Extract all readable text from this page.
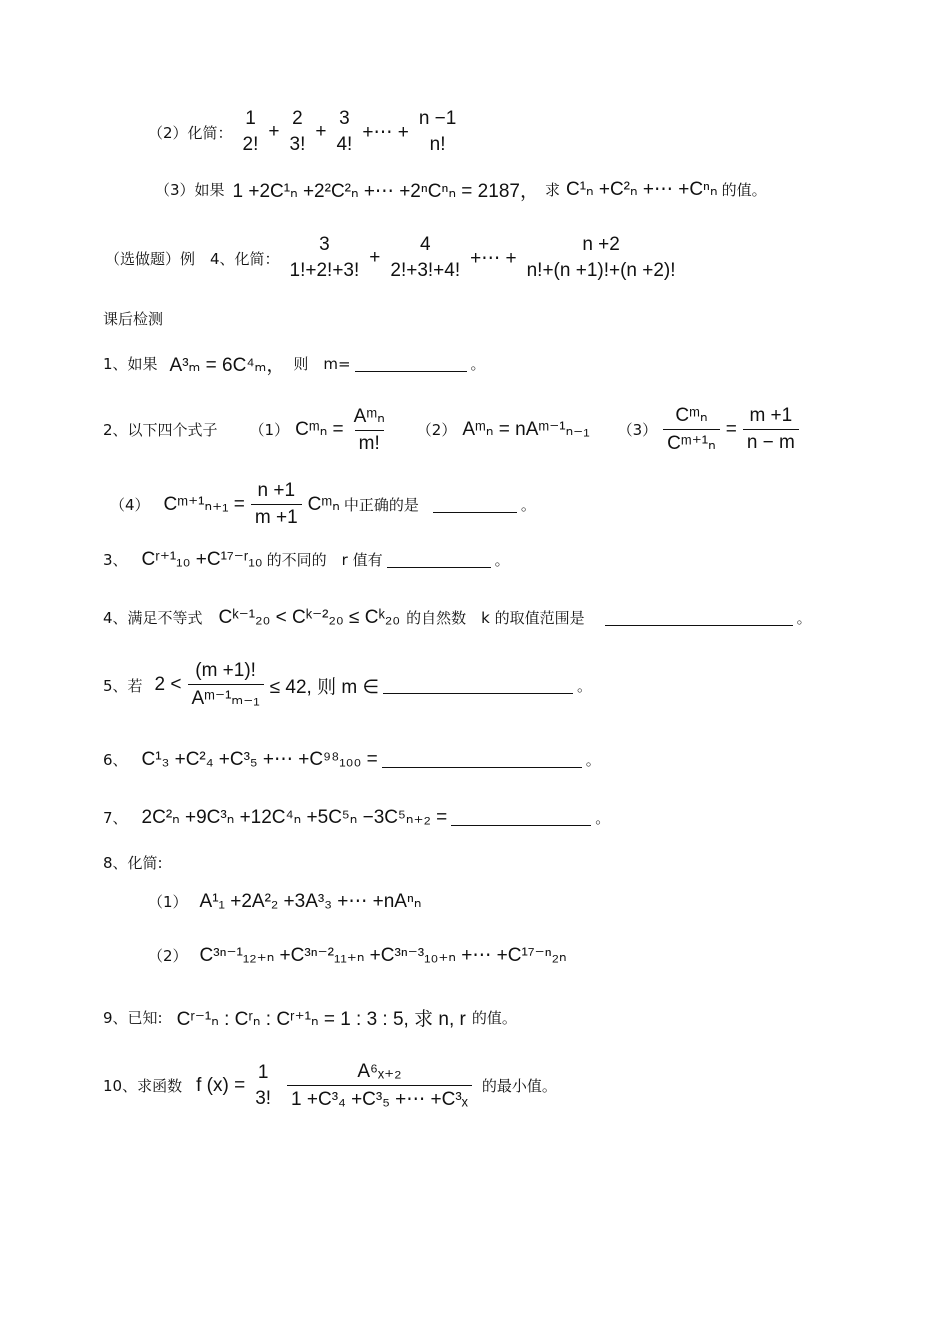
（2）化简：
1
2!
+
2
3!
+
3
4!
+⋯ +
n −1
n!
（3）如果 1 +2C¹ₙ +2²C²ₙ +⋯ +2ⁿCⁿₙ = 2187， 求 C¹ₙ +C²ₙ +⋯ +Cⁿₙ 的值。
（选做题）例　4、化简：
3
1!+2!+3!
+
4
2!+3!+4!
+⋯ +
n +2
n!+(n +1)!+(n +2)!
课后检测
1、如果 A³ₘ = 6C⁴ₘ， 则　m=	。
2、以下四个式子 （1） Cᵐₙ = $\frac{\text{Aᵐₙ}}{m!} (2)$ Aᵐₙ = nAᵐ⁻¹ₙ₋₁ $(3) \frac{\text{Cᵐₙ}}{\text{Cᵐ⁺¹ₙ}} = \frac{m +1}{n - m}$
（4） Cᵐ⁺¹ₙ₊₁ = $\frac{n +1}{m +1}$ Cᵐₙ 中正确的是	。
3、 Cʳ⁺¹₁₀ +C¹⁷⁻ʳ₁₀ 的不同的　r 值有	。
4、满足不等式 Cᵏ⁻¹₂₀ < Cᵏ⁻²₂₀ ≤ Cᵏ₂₀ 的自然数　k 的取值范围是	。
5、若 $2 < \frac{(m +1)!}{\text{Aᵐ⁻¹ₘ₋₁}} \le 42$, 则 m ∈	。
6、 C¹₃ +C²₄ +C³₅ +⋯ +C⁹⁸₁₀₀ =	。
7、 2C²ₙ +9C³ₙ +12C⁴ₙ +5C⁵ₙ −3C⁵ₙ₊₂ =	。
8、化简:
（1） A¹₁ +2A²₂ +3A³₃ +⋯ +nAⁿₙ
（2） C³ⁿ⁻¹₁₂₊ₙ +C³ⁿ⁻²₁₁₊ₙ +C³ⁿ⁻³₁₀₊ₙ +⋯ +C¹⁷⁻ⁿ₂ₙ
9、已知: Cʳ⁻¹ₙ : Cʳₙ : Cʳ⁺¹ₙ = 1 : 3 : 5, 求 n, r 的值。
10、求函数 f (x) =
1
3! $\frac{\text{A⁶ₓ₊₂}}{\text{1 +C³₄ +C³₅ +⋯ +C³ₓ}}$ 的最小值。
